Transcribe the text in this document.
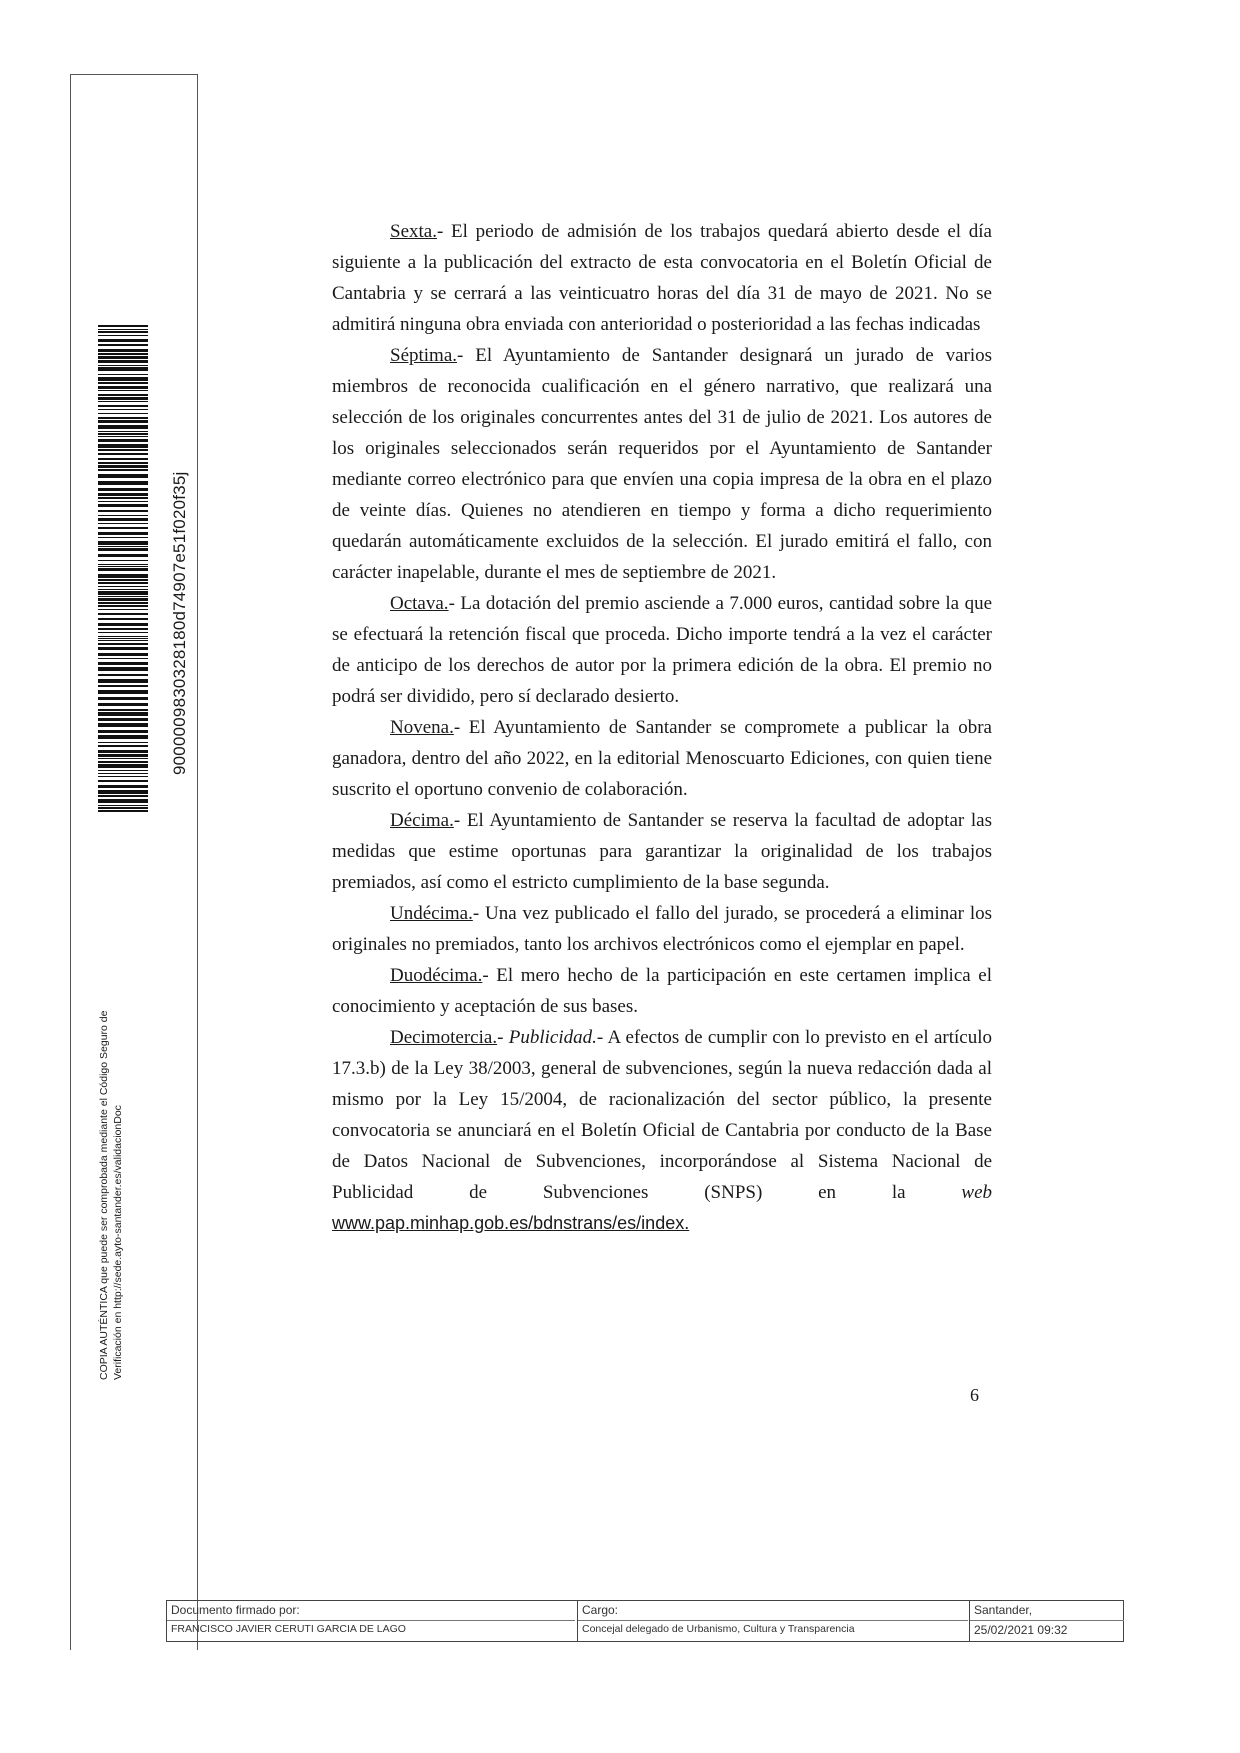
9000009830328180d74907e51f020f35j
COPIA AUTÉNTICA que puede ser comprobada mediante el Código Seguro de Verificación en http://sede.ayto-santander.es/validacionDoc

Sexta.- El periodo de admisión de los trabajos quedará abierto desde el día siguiente a la publicación del extracto de esta convocatoria en el Boletín Oficial de Cantabria y se cerrará a las veinticuatro horas del día 31 de mayo de 2021. No se admitirá ninguna obra enviada con anterioridad o posterioridad a las fechas indicadas

Séptima.- El Ayuntamiento de Santander designará un jurado de varios miembros de reconocida cualificación en el género narrativo, que realizará una selección de los originales concurrentes antes del 31 de julio de 2021. Los autores de los originales seleccionados serán requeridos por el Ayuntamiento de Santander mediante correo electrónico para que envíen una copia impresa de la obra en el plazo de veinte días. Quienes no atendieren en tiempo y forma a dicho requerimiento quedarán automáticamente excluidos de la selección. El jurado emitirá el fallo, con carácter inapelable, durante el mes de septiembre de 2021.

Octava.- La dotación del premio asciende a 7.000 euros, cantidad sobre la que se efectuará la retención fiscal que proceda. Dicho importe tendrá a la vez el carácter de anticipo de los derechos de autor por la primera edición de la obra. El premio no podrá ser dividido, pero sí declarado desierto.

Novena.- El Ayuntamiento de Santander se compromete a publicar la obra ganadora, dentro del año 2022, en la editorial Menoscuarto Ediciones, con quien tiene suscrito el oportuno convenio de colaboración.

Décima.- El Ayuntamiento de Santander se reserva la facultad de adoptar las medidas que estime oportunas para garantizar la originalidad de los trabajos premiados, así como el estricto cumplimiento de la base segunda.

Undécima.- Una vez publicado el fallo del jurado, se procederá a eliminar los originales no premiados, tanto los archivos electrónicos como el ejemplar en papel.

Duodécima.- El mero hecho de la participación en este certamen implica el conocimiento y aceptación de sus bases.

Decimotercia.- Publicidad.- A efectos de cumplir con lo previsto en el artículo 17.3.b) de la Ley 38/2003, general de subvenciones, según la nueva redacción dada al mismo por la Ley 15/2004, de racionalización del sector público, la presente convocatoria se anunciará en el Boletín Oficial de Cantabria por conducto de la Base de Datos Nacional de Subvenciones, incorporándose al Sistema Nacional de Publicidad de Subvenciones (SNPS) en la web www.pap.minhap.gob.es/bdnstrans/es/index.

6
Documento firmado por:
FRANCISCO JAVIER CERUTI GARCIA DE LAGO
Cargo:
Concejal delegado de Urbanismo, Cultura y Transparencia
Santander,
25/02/2021 09:32
